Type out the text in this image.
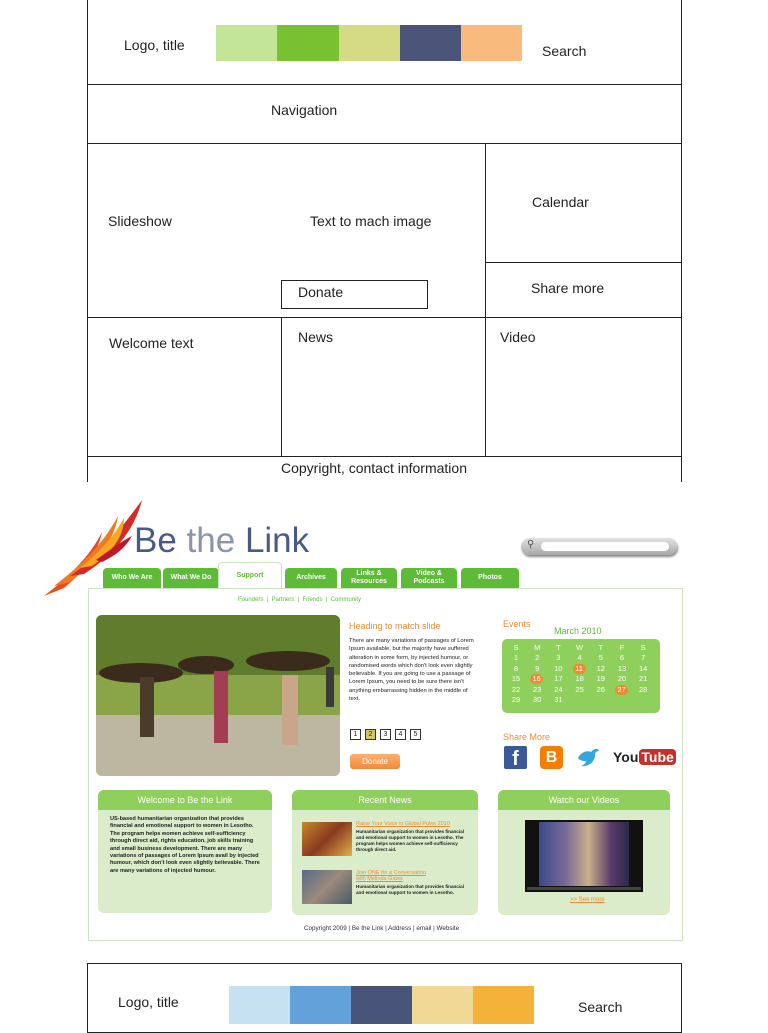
Logo, title	Search
Navigation
Slideshow	Text to mach image
Donate
Calendar
Share more
Welcome text	News	Video
Copyright, contact information
Be the Link	⚲
Who We Are	What We Do	Support	Archives
Links & Resources
Video & Podcasts
Photos
Founders  |  Partners  |  Friends  |  Community
Heading to match slide
There are many variations of passages of Lorem Ipsum available, but the majority have suffered alteration in some form, by injected humour, or randomised words which don't look even slightly believable. If you are going to use a passage of Lorem Ipsum, you need to be sure there isn't anything embarrassing hidden in the middle of text.
1	2	3	4	5
Donate
Events
March 2010
S	M	T	W	T	F	S
1	2	3	4	5	6	7
8	9	10	11	12	13	14
15	16	17	18	19	20	21
22	23	24	25	26	27	28
29	30	31
Share More
f	B	You Tube
Welcome to Be the Link
US-based humanitarian organization that provides financial and emotional support to women in Lesotho. The program helps women achieve self-sufficiency through direct aid, rights education, job skills training and small business development. There are many variations of passages of Lorem Ipsum avail by injected humour, which don't look even slightly believable. There are many variations of injected humour.
Recent News
Raise Your Voice in Global Pulse 2010
Humanitarian organization that provides financial and emotional support to women in Lesotho. The program helps women achieve self-sufficiency through direct aid.
Join ONE for a Conversation with Melinda Gates
Humanitarian organization that provides financial and emotional support to women in Lesotho.
Watch our Videos
>> See more
Copyright 2009 | Be the Link | Address | email | Website
Logo, title	Search
